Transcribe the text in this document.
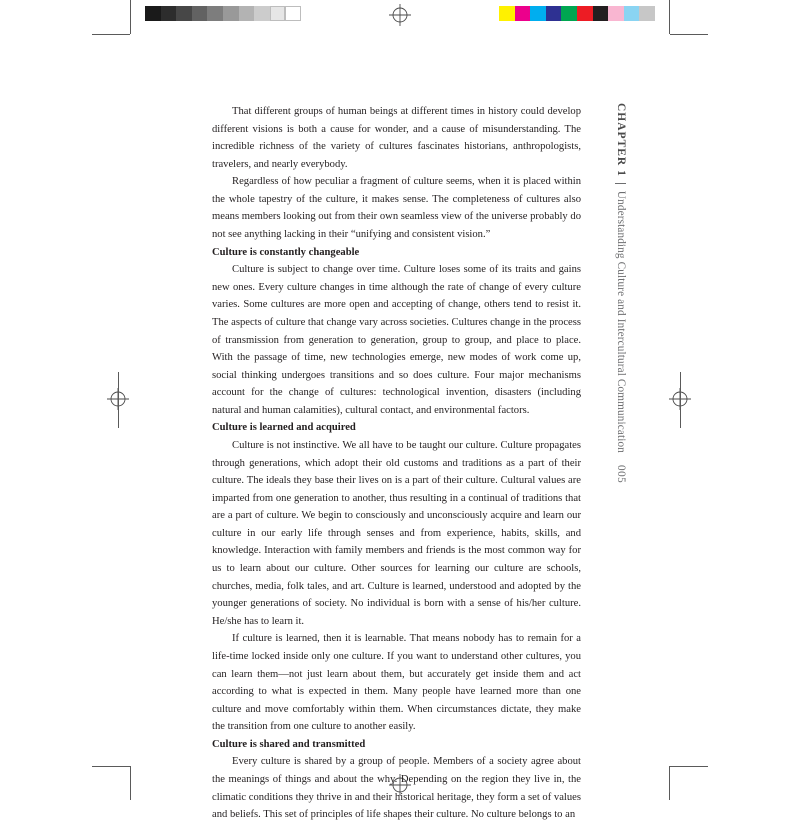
CHAPTER 1
Understanding Culture and Intercultural Communication
005

That different groups of human beings at different times in history could develop different visions is both a cause for wonder, and a cause of misunderstanding. The incredible richness of the variety of cultures fascinates historians, anthropologists, travelers, and nearly everybody.

Regardless of how peculiar a fragment of culture seems, when it is placed within the whole tapestry of the culture, it makes sense. The completeness of cultures also means members looking out from their own seamless view of the universe probably do not see anything lacking in their “unifying and consistent vision.”

Culture is constantly changeable

Culture is subject to change over time. Culture loses some of its traits and gains new ones. Every culture changes in time although the rate of change of every culture varies. Some cultures are more open and accepting of change, others tend to resist it. The aspects of culture that change vary across societies. Cultures change in the process of transmission from generation to generation, group to group, and place to place. With the passage of time, new technologies emerge, new modes of work come up, social thinking undergoes transitions and so does culture. Four major mechanisms account for the change of cultures: technological invention, disasters (including natural and human calamities), cultural contact, and environmental factors.

Culture is learned and acquired

Culture is not instinctive. We all have to be taught our culture. Culture propagates through generations, which adopt their old customs and traditions as a part of their culture. The ideals they base their lives on is a part of their culture. Cultural values are imparted from one generation to another, thus resulting in a continual of traditions that are a part of culture. We begin to consciously and unconsciously acquire and learn our culture in our early life through senses and from experience, habits, skills, and knowledge. Interaction with family members and friends is the most common way for us to learn about our culture. Other sources for learning our culture are schools, churches, media, folk tales, and art. Culture is learned, understood and adopted by the younger generations of society. No individual is born with a sense of his/her culture. He/she has to learn it.

If culture is learned, then it is learnable. That means nobody has to remain for a life-time locked inside only one culture. If you want to understand other cultures, you can learn them—not just learn about them, but accurately get inside them and act according to what is expected in them. Many people have learned more than one culture and move comfortably within them. When circumstances dictate, they make the transition from one culture to another easily.

Culture is shared and transmitted

Every culture is shared by a group of people. Members of a society agree about the meanings of things and about the why. Depending on the region they live in, the climatic conditions they thrive in and their historical heritage, they form a set of values and beliefs. This set of principles of life shapes their culture. No culture belongs to an
